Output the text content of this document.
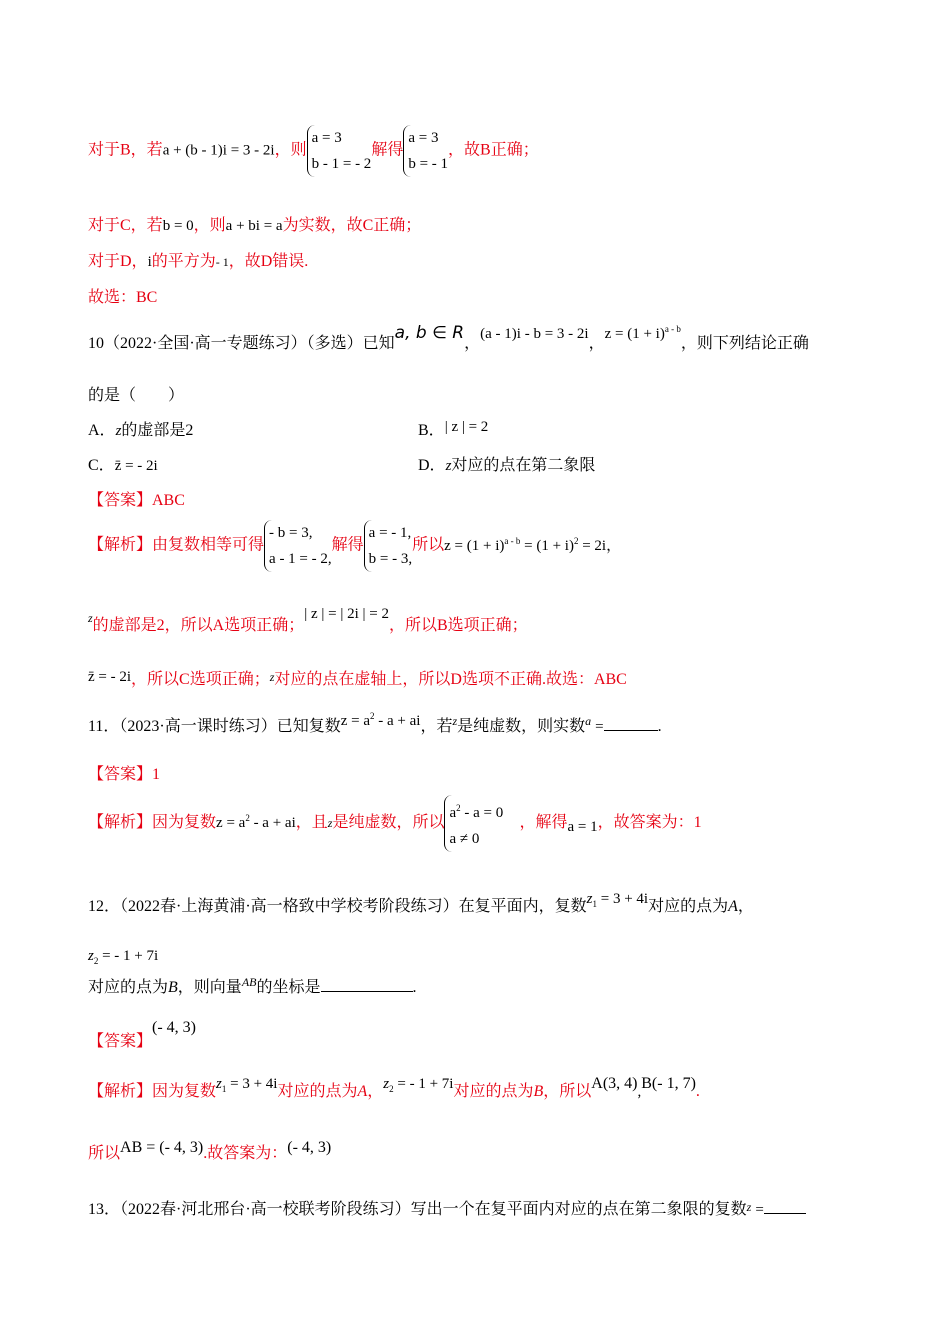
对于B，若a + (b - 1)i = 3 - 2i，则a = 3
b - 1 = - 2解得a = 3
b = - 1，故B正确；
对于C，若b = 0，则a + bi = a为实数，故C正确；
对于D，i的平方为- 1，故D错误.
故选：BC
10（2022·全国·高一专题练习）（多选）已知a, b ∈ R，(a - 1)i - b = 3 - 2i，$z = (1 + i)^{a - b}$，则下列结论正确
的是（　　）
A．z的虚部是2	B．| z | = 2
C．z̄ = - 2i	D．z对应的点在第二象限
【答案】ABC
【解析】由复数相等可得- b = 3,
a - 1 = - 2,解得a = - 1,
b = - 3,所以$z = (1 + i)^{a - b} = (1 + i)^2 = 2i$，
$^z$的虚部是2，所以A选项正确；| z | = | 2i | = 2，所以B选项正确；
z̄ = - 2i，所以C选项正确；z对应的点在虚轴上，所以D选项不正确.故选：ABC
11．（2023·高一课时练习）已知复数$z = a^2 - a$ + ai，若$^z$是纯虚数，则实数$^a$ =	.
【答案】1
【解析】因为复数$z = a^2 - a$ + ai，且z是纯虚数，所以$a^2 - a = 0$
a ≠ 0，解得a = 1，故答案为：1
12．（2022春·上海黄浦·高一格致中学校考阶段练习）在复平面内，复数$z_1 = 3 + 4i$对应的点为A，
$z_2$ = - 1 + 7i
对应的点为B，则向量$^{AB}$的坐标是	.
【答案】(- 4, 3)
【解析】因为复数$z_1 = 3 + 4i$对应的点为A，$z_2$ = - 1 + 7i对应的点为B，所以A(3, 4),B(- 1, 7).
所以AB = (- 4, 3).故答案为：(- 4, 3)
13．（2022春·河北邢台·高一校联考阶段练习）写出一个在复平面内对应的点在第二象限的复数z =
